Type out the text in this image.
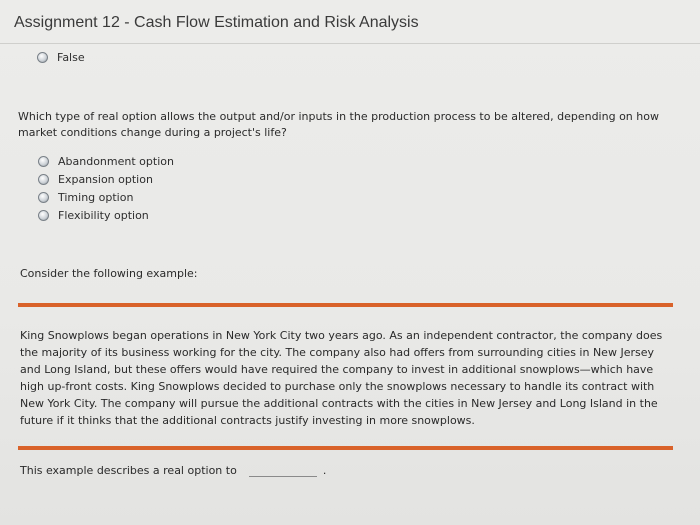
Assignment 12 - Cash Flow Estimation and Risk Analysis
False
Which type of real option allows the output and/or inputs in the production process to be altered, depending on how market conditions change during a project's life?
Abandonment option
Expansion option
Timing option
Flexibility option
Consider the following example:
King Snowplows began operations in New York City two years ago. As an independent contractor, the company does the majority of its business working for the city. The company also had offers from surrounding cities in New Jersey and Long Island, but these offers would have required the company to invest in additional snowplows—which have high up-front costs. King Snowplows decided to purchase only the snowplows necessary to handle its contract with New York City. The company will pursue the additional contracts with the cities in New Jersey and Long Island in the future if it thinks that the additional contracts justify investing in more snowplows.
This example describes a real option to	.
